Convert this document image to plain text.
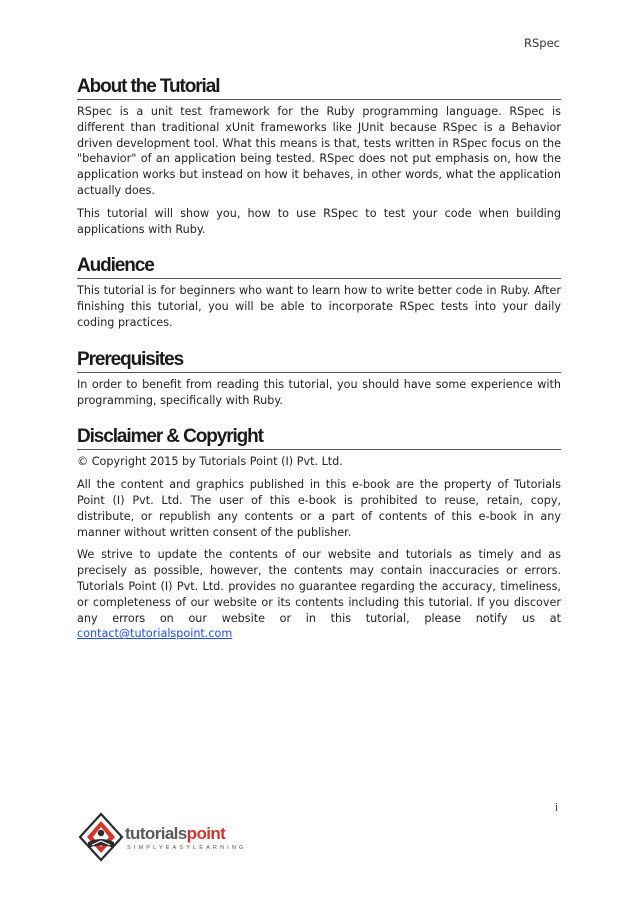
RSpec
About the Tutorial

RSpec is a unit test framework for the Ruby programming language. RSpec is different than traditional xUnit frameworks like JUnit because RSpec is a Behavior driven development tool. What this means is that, tests written in RSpec focus on the "behavior" of an application being tested. RSpec does not put emphasis on, how the application works but instead on how it behaves, in other words, what the application actually does.

This tutorial will show you, how to use RSpec to test your code when building applications with Ruby.

Audience

This tutorial is for beginners who want to learn how to write better code in Ruby. After finishing this tutorial, you will be able to incorporate RSpec tests into your daily coding practices.

Prerequisites

In order to benefit from reading this tutorial, you should have some experience with programming, specifically with Ruby.

Disclaimer & Copyright

© Copyright 2015 by Tutorials Point (I) Pvt. Ltd.

All the content and graphics published in this e-book are the property of Tutorials Point (I) Pvt. Ltd. The user of this e-book is prohibited to reuse, retain, copy, distribute, or republish any contents or a part of contents of this e-book in any manner without written consent of the publisher.

We strive to update the contents of our website and tutorials as timely and as precisely as possible, however, the contents may contain inaccuracies or errors. Tutorials Point (I) Pvt. Ltd. provides no guarantee regarding the accuracy, timeliness, or completeness of our website or its contents including this tutorial. If you discover any errors on our website or in this tutorial, please notify us at contact@tutorialspoint.com

i
tutorialspoint
SIMPLYEASYLEARNING
